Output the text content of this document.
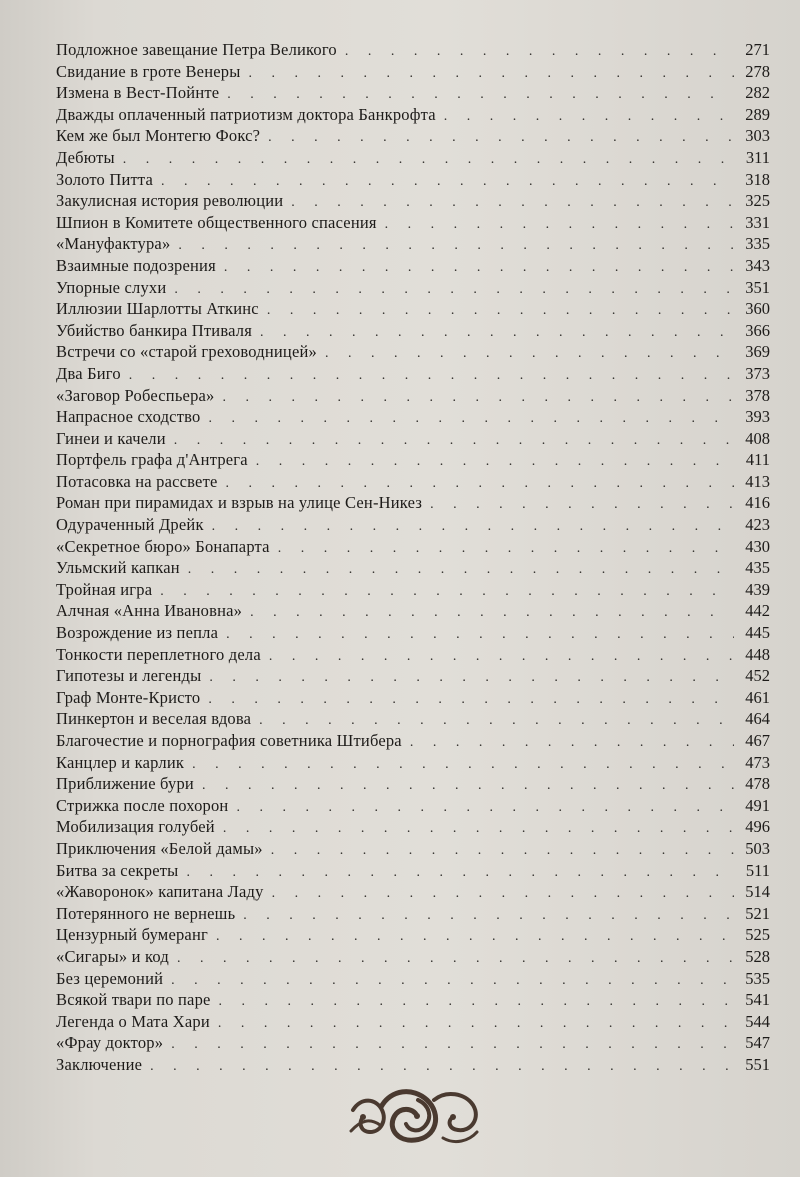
Подложное завещание Петра Великого . . .	271
Свидание в гроте Венеры . . .	278
Измена в Вест-Пойнте . . .	282
Дважды оплаченный патриотизм доктора Банкрофта . . .	289
Кем же был Монтегю Фокс? . . .	303
Дебюты . . .	311
Золото Питта . . .	318
Закулисная история революции . . .	325
Шпион в Комитете общественного спасения . . .	331
«Мануфактура» . . .	335
Взаимные подозрения . . .	343
Упорные слухи . . .	351
Иллюзии Шарлотты Аткинс . . .	360
Убийство банкира Птиваля . . .	366
Встречи со «старой греховодницей» . . .	369
Два Биго . . .	373
«Заговор Робеспьера» . . .	378
Напрасное сходство . . .	393
Гинеи и качели . . .	408
Портфель графа д'Антрега . . .	411
Потасовка на рассвете . . .	413
Роман при пирамидах и взрыв на улице Сен-Никез . . .	416
Одураченный Дрейк . . .	423
«Секретное бюро» Бонапарта . . .	430
Ульмский капкан . . .	435
Тройная игра . . .	439
Алчная «Анна Ивановна» . . .	442
Возрождение из пепла . . .	445
Тонкости переплетного дела . . .	448
Гипотезы и легенды . . .	452
Граф Монте-Кристо . . .	461
Пинкертон и веселая вдова . . .	464
Благочестие и порнография советника Штибера . . .	467
Канцлер и карлик . . .	473
Приближение бури . . .	478
Стрижка после похорон . . .	491
Мобилизация голубей . . .	496
Приключения «Белой дамы» . . .	503
Битва за секреты . . .	511
«Жаворонок» капитана Ладу . . .	514
Потерянного не вернешь . . .	521
Цензурный бумеранг . . .	525
«Сигары» и код . . .	528
Без церемоний . . .	535
Всякой твари по паре . . .	541
Легенда о Мата Хари . . .	544
«Фрау доктор» . . .	547
Заключение . . .	551
